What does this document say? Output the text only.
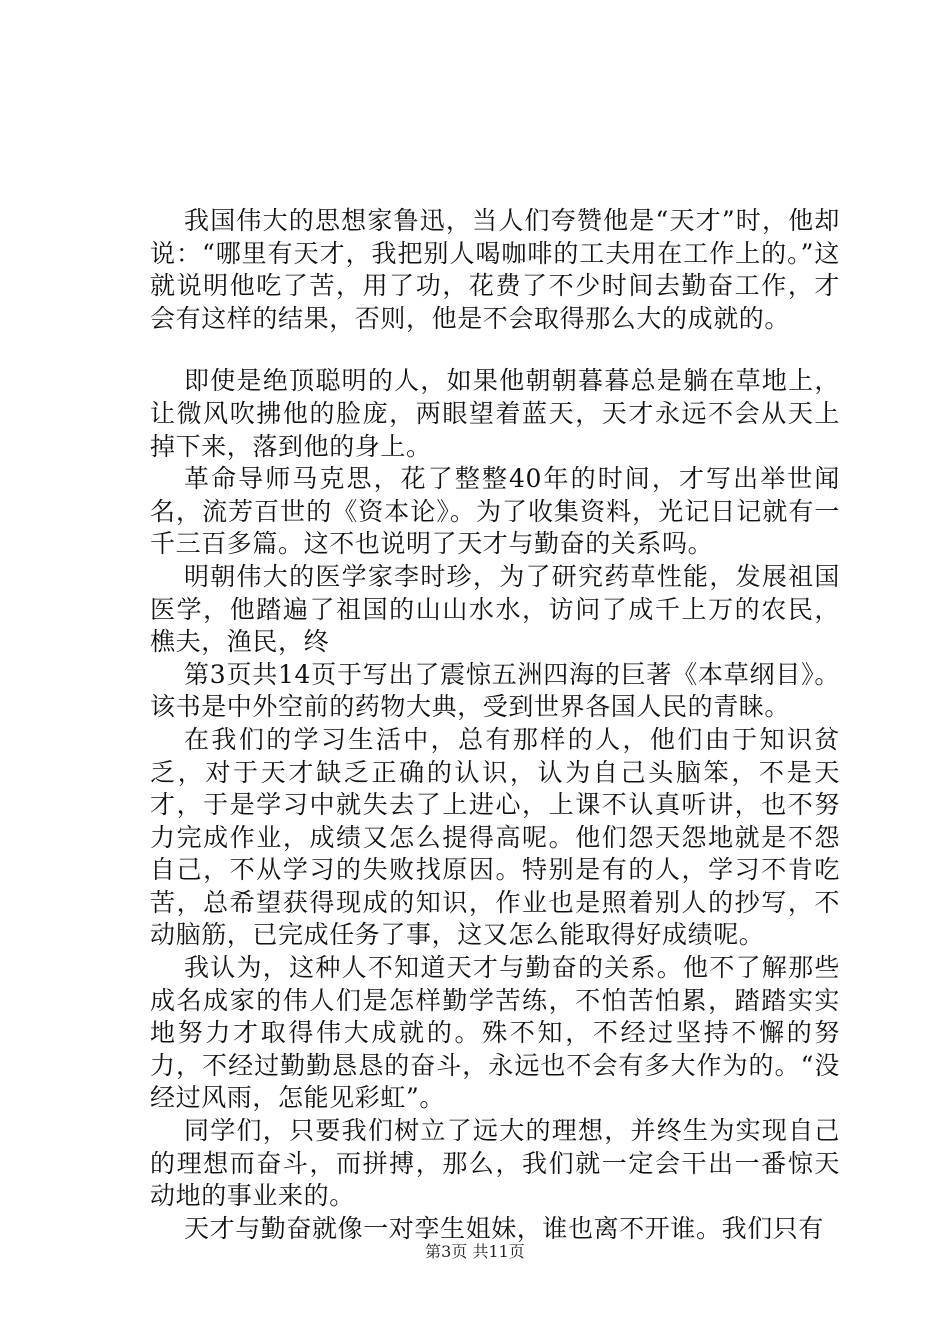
我国伟大的思想家鲁迅，当人们夸赞他是“天才”时，他却说：“哪里有天才，我把别人喝咖啡的工夫用在工作上的。”这就说明他吃了苦，用了功，花费了不少时间去勤奋工作，才会有这样的结果，否则，他是不会取得那么大的成就的。

即使是绝顶聪明的人，如果他朝朝暮暮总是躺在草地上，让微风吹拂他的脸庞，两眼望着蓝天，天才永远不会从天上掉下来，落到他的身上。

革命导师马克思，花了整整40年的时间，才写出举世闻名，流芳百世的《资本论》。为了收集资料，光记日记就有一千三百多篇。这不也说明了天才与勤奋的关系吗。

明朝伟大的医学家李时珍，为了研究药草性能，发展祖国医学，他踏遍了祖国的山山水水，访问了成千上万的农民，樵夫，渔民，终

第3页共14页于写出了震惊五洲四海的巨著《本草纲目》。该书是中外空前的药物大典，受到世界各国人民的青睐。

在我们的学习生活中，总有那样的人，他们由于知识贫乏，对于天才缺乏正确的认识，认为自己头脑笨，不是天才，于是学习中就失去了上进心，上课不认真听讲，也不努力完成作业，成绩又怎么提得高呢。他们怨天怨地就是不怨自己，不从学习的失败找原因。特别是有的人，学习不肯吃苦，总希望获得现成的知识，作业也是照着别人的抄写，不动脑筋，已完成任务了事，这又怎么能取得好成绩呢。

我认为，这种人不知道天才与勤奋的关系。他不了解那些成名成家的伟人们是怎样勤学苦练，不怕苦怕累，踏踏实实地努力才取得伟大成就的。殊不知，不经过坚持不懈的努力，不经过勤勤恳恳的奋斗，永远也不会有多大作为的。“没经过风雨，怎能见彩虹”。

同学们，只要我们树立了远大的理想，并终生为实现自己的理想而奋斗，而拼搏，那么，我们就一定会干出一番惊天动地的事业来的。

天才与勤奋就像一对孪生姐妹，谁也离不开谁。我们只有

第3页 共11页
